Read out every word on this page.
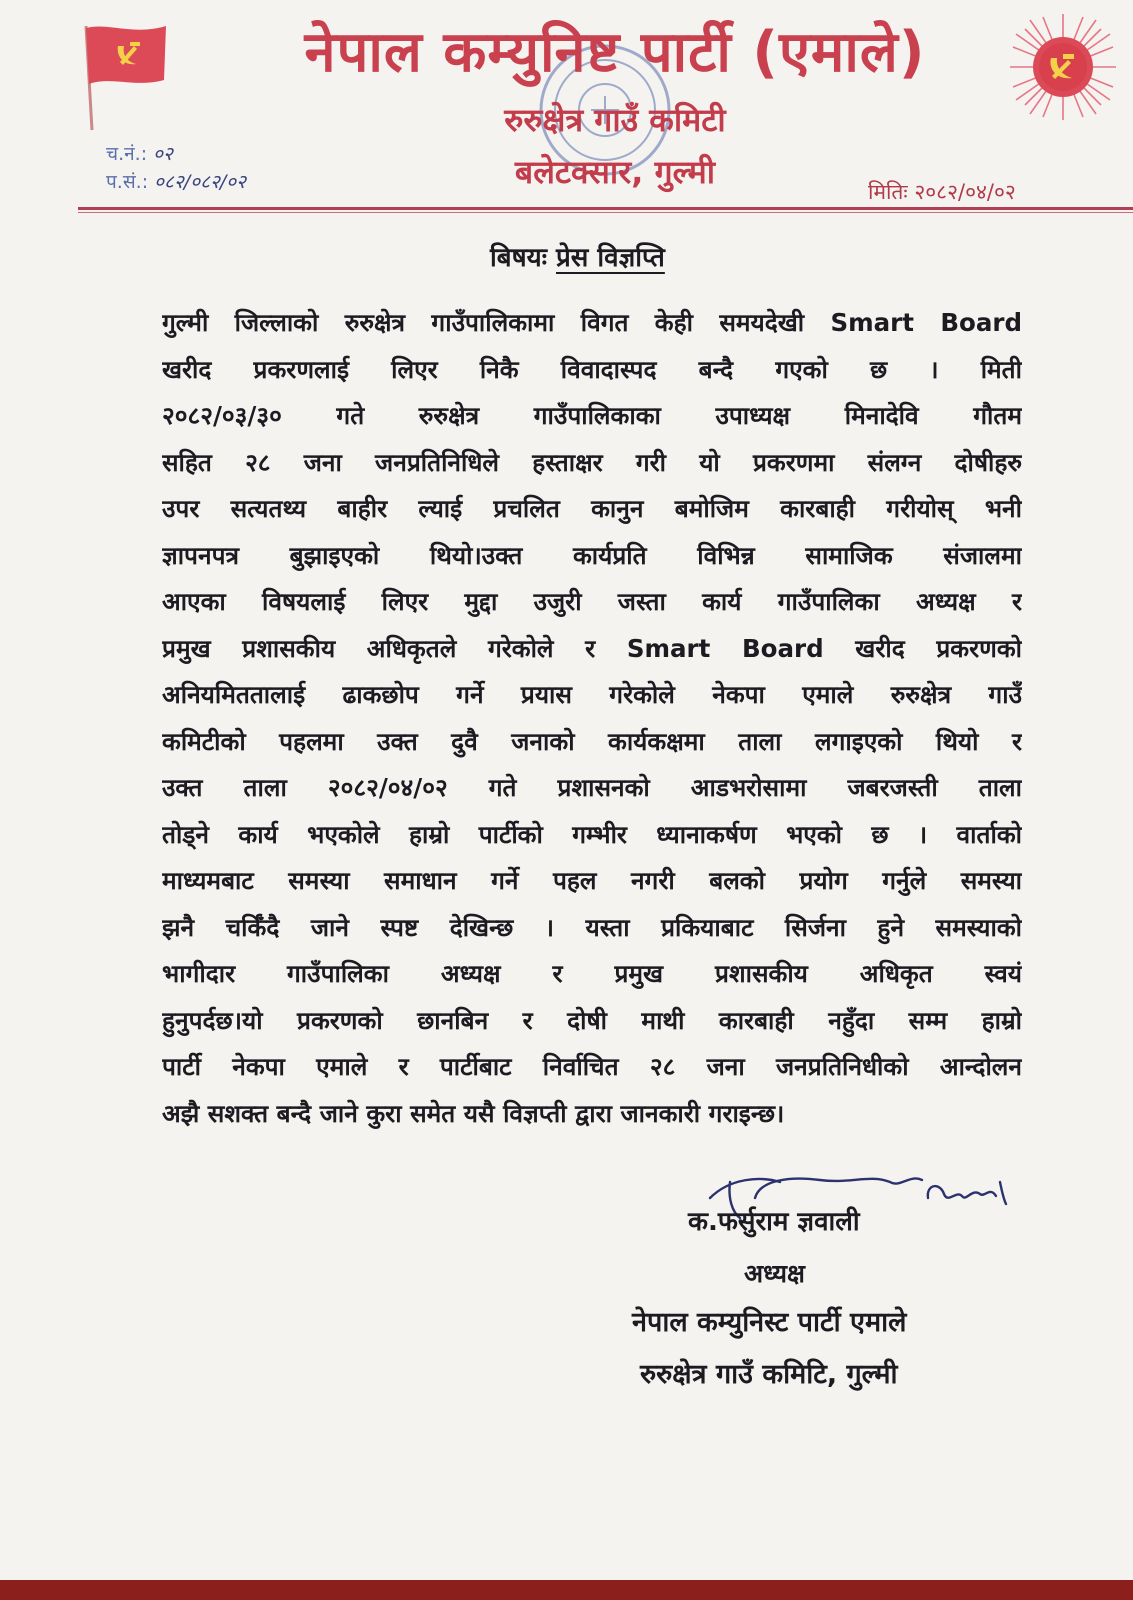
नेपाल कम्युनिष्ट पार्टी (एमाले)
रुरुक्षेत्र गाउँ कमिटी
बलेटक्सार, गुल्मी
च.नं.: ०२
प.सं.: ०८२/०८२/०२	मितिः २०८२/०४/०२
बिषयः प्रेस विज्ञप्ति
गुल्मी जिल्लाको रुरुक्षेत्र गाउँपालिकामा विगत केही समयदेखी Smart Board
खरीद प्रकरणलाई लिएर निकै विवादास्पद बन्दै गएको छ । मिती
२०८२/०३/३० गते रुरुक्षेत्र गाउँपालिकाका उपाध्यक्ष मिनादेवि गौतम
सहित २८ जना जनप्रतिनिधिले हस्ताक्षर गरी यो प्रकरणमा संलग्न दोषीहरु
उपर सत्यतथ्य बाहीर ल्याई प्रचलित कानुन बमोजिम कारबाही गरीयोस् भनी
ज्ञापनपत्र बुझाइएको थियो।उक्त कार्यप्रति विभिन्न सामाजिक संजालमा
आएका विषयलाई लिएर मुद्दा उजुरी जस्ता कार्य गाउँपालिका अध्यक्ष र
प्रमुख प्रशासकीय अधिकृतले गरेकोले र Smart Board खरीद प्रकरणको
अनियमिततालाई ढाकछोप गर्ने प्रयास गरेकोले नेकपा एमाले रुरुक्षेत्र गाउँ
कमिटीको पहलमा उक्त दुवै जनाको कार्यकक्षमा ताला लगाइएको थियो र
उक्त ताला २०८२/०४/०२ गते प्रशासनको आडभरोसामा जबरजस्ती ताला
तोड्ने कार्य भएकोले हाम्रो पार्टीको गम्भीर ध्यानाकर्षण भएको छ । वार्ताको
माध्यमबाट समस्या समाधान गर्ने पहल नगरी बलको प्रयोग गर्नुले समस्या
झनै चर्किँदै जाने स्पष्ट देखिन्छ । यस्ता प्रकियाबाट सिर्जना हुने समस्याको
भागीदार गाउँपालिका अध्यक्ष र प्रमुख प्रशासकीय अधिकृत स्वयं
हुनुपर्दछ।यो प्रकरणको छानबिन र दोषी माथी कारबाही नहुँदा सम्म हाम्रो
पार्टी नेकपा एमाले र पार्टीबाट निर्वाचित २८ जना जनप्रतिनिधीको आन्दोलन
अझै सशक्त बन्दै जाने कुरा समेत यसै विज्ञप्ती द्वारा जानकारी गराइन्छ।
क.फर्सुराम ज्ञवाली
अध्यक्ष
नेपाल कम्युनिस्ट पार्टी एमाले
रुरुक्षेत्र गाउँ कमिटि, गुल्मी
